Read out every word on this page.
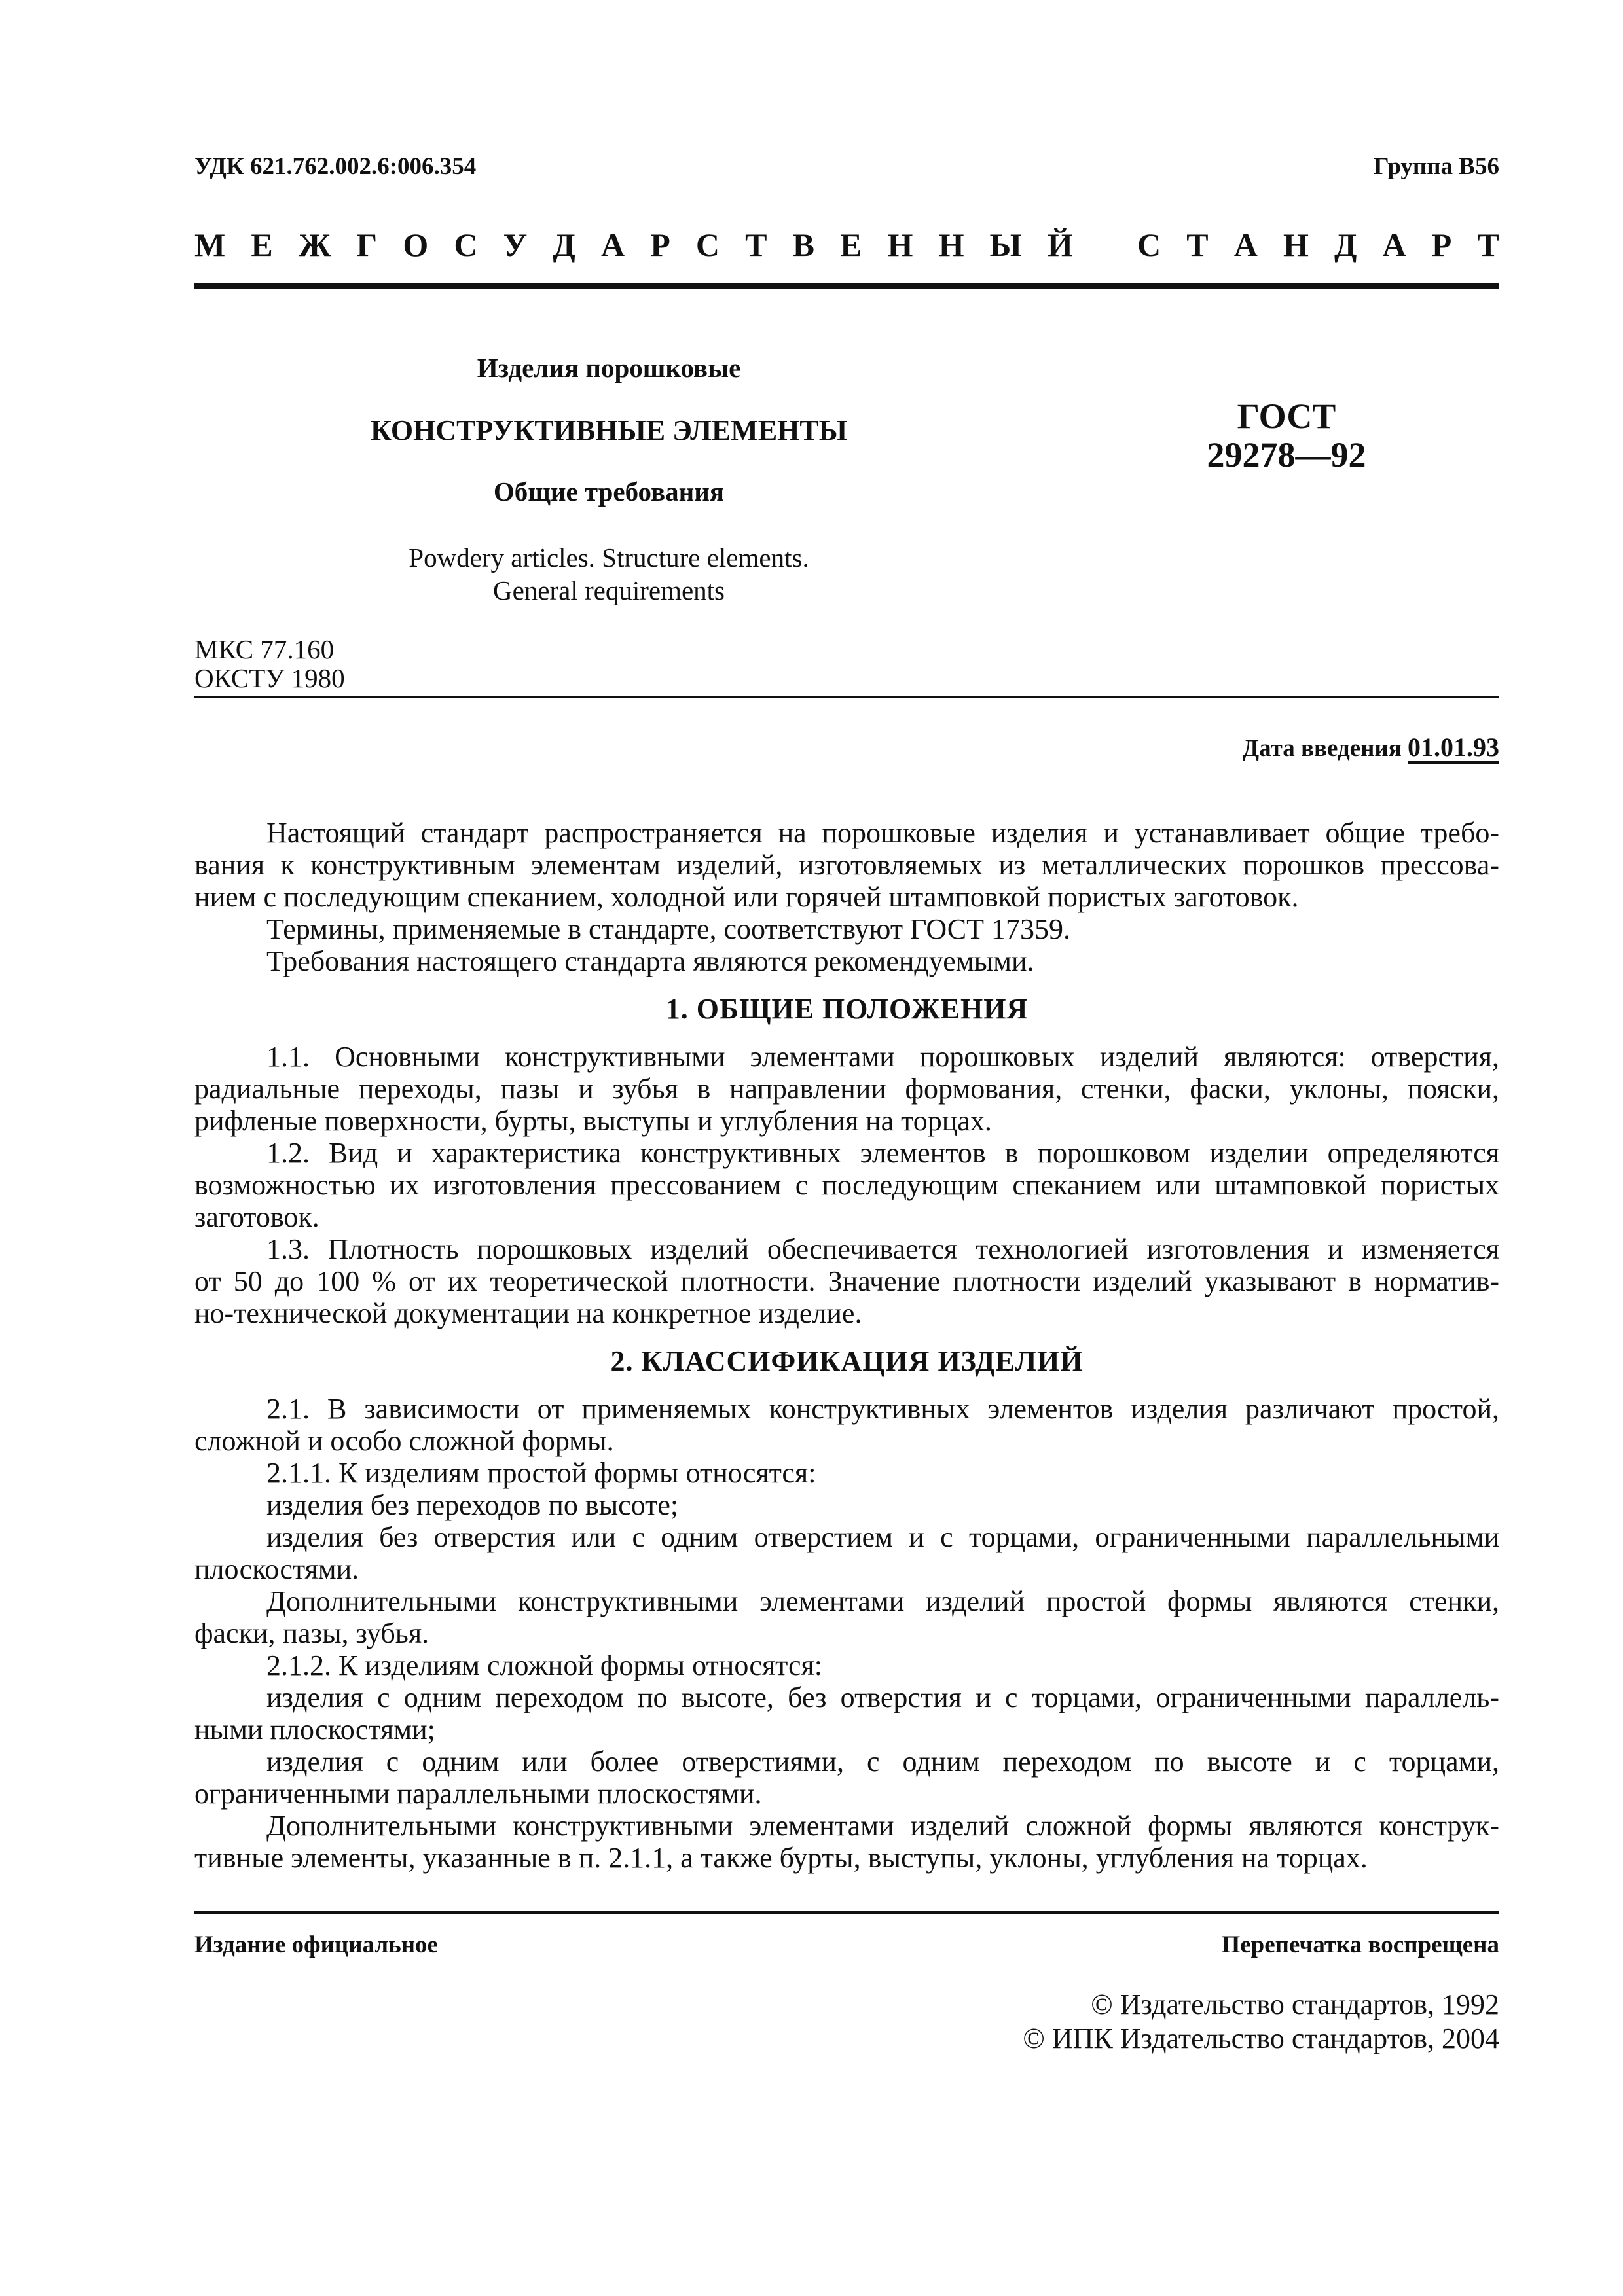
УДК 621.762.002.6:006.354	Группа В56
М Е Ж Г О С У Д А Р С Т В Е Н Н Ы Й С Т А Н Д А Р Т
Изделия порошковые
КОНСТРУКТИВНЫЕ ЭЛЕМЕНТЫ
Общие требования
Powdery articles. Structure elements.
General requirements
ГОСТ
29278—92
МКС 77.160
ОКСТУ 1980
Дата введения 01.01.93

Настоящий стандарт распространяется на порошковые изделия и устанавливает общие требо-

вания к конструктивным элементам изделий, изготовляемых из металлических порошков прессова-

нием с последующим спеканием, холодной или горячей штамповкой пористых заготовок.

Термины, применяемые в стандарте, соответствуют ГОСТ 17359.

Требования настоящего стандарта являются рекомендуемыми.

1. ОБЩИЕ ПОЛОЖЕНИЯ

1.1. Основными конструктивными элементами порошковых изделий являются: отверстия,

радиальные переходы, пазы и зубья в направлении формования, стенки, фаски, уклоны, пояски,

рифленые поверхности, бурты, выступы и углубления на торцах.

1.2. Вид и характеристика конструктивных элементов в порошковом изделии определяются

возможностью их изготовления прессованием с последующим спеканием или штамповкой пористых

заготовок.

1.3. Плотность порошковых изделий обеспечивается технологией изготовления и изменяется

от 50 до 100 % от их теоретической плотности. Значение плотности изделий указывают в норматив-

но-технической документации на конкретное изделие.

2. КЛАССИФИКАЦИЯ ИЗДЕЛИЙ

2.1. В зависимости от применяемых конструктивных элементов изделия различают простой,

сложной и особо сложной формы.

2.1.1. К изделиям простой формы относятся:

изделия без переходов по высоте;

изделия без отверстия или с одним отверстием и с торцами, ограниченными параллельными

плоскостями.

Дополнительными конструктивными элементами изделий простой формы являются стенки,

фаски, пазы, зубья.

2.1.2. К изделиям сложной формы относятся:

изделия с одним переходом по высоте, без отверстия и с торцами, ограниченными параллель-

ными плоскостями;

изделия с одним или более отверстиями, с одним переходом по высоте и с торцами,

ограниченными параллельными плоскостями.

Дополнительными конструктивными элементами изделий сложной формы являются конструк-

тивные элементы, указанные в п. 2.1.1, а также бурты, выступы, уклоны, углубления на торцах.

Издание официальное	Перепечатка воспрещена
© Издательство стандартов, 1992
© ИПК Издательство стандартов, 2004
